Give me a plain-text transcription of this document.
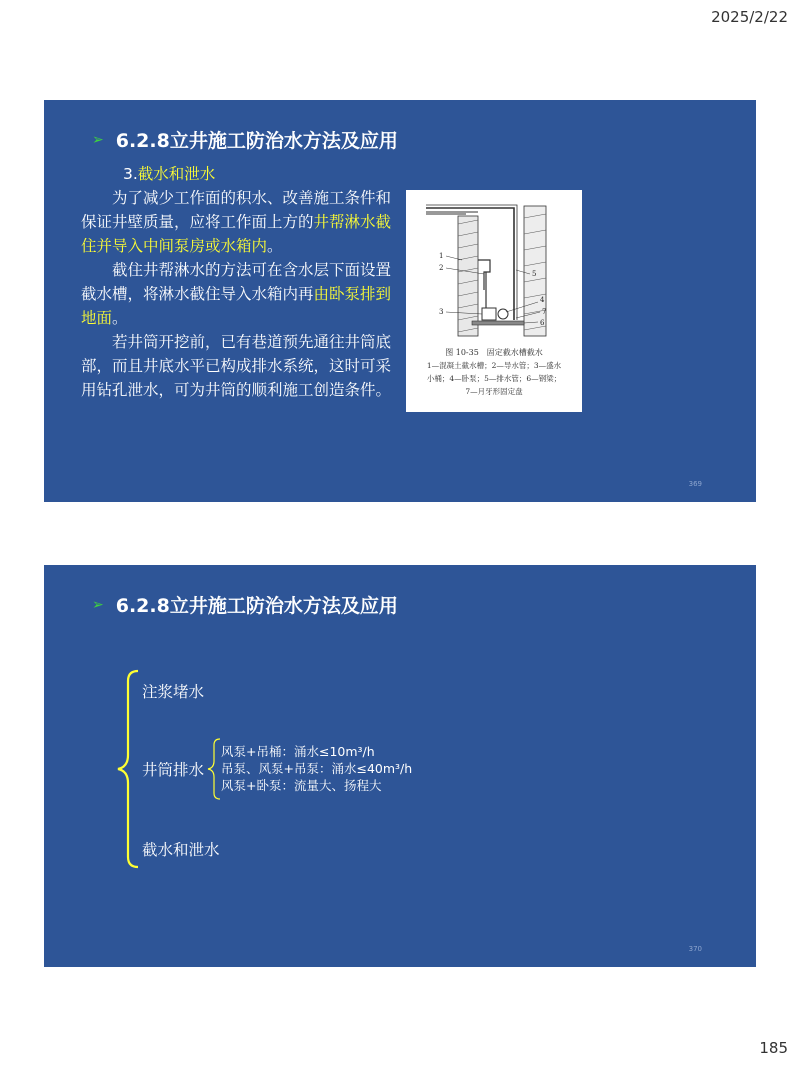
2025/2/22
➢ 6.2.8立井施工防治水方法及应用

3.截水和泄水

为了减少工作面的积水、改善施工条件和保证井壁质量，应将工作面上方的井帮淋水截住并导入中间泵房或水箱内。

截住井帮淋水的方法可在含水层下面设置截水槽，将淋水截住导入水箱内再由卧泵排到地面。

若井筒开挖前，已有巷道预先通往井筒底部，而且井底水平已构成排水系统，这时可采用钻孔泄水，可为井筒的顺利施工创造条件。

1
2
3
4
5
6
7
图 10-35　固定截水槽截水
1—混凝土截水槽；2—导水管；3—盛水
小桶；4—卧泵；5—排水管；6—钢梁；
7—月牙形固定盘
369
➢ 6.2.8立井施工防治水方法及应用
注浆堵水
井筒排水
截水和泄水
风泵+吊桶：涌水≤10m³/h
吊泵、风泵+吊泵：涌水≤40m³/h
风泵+卧泵：流量大、扬程大
370
185
